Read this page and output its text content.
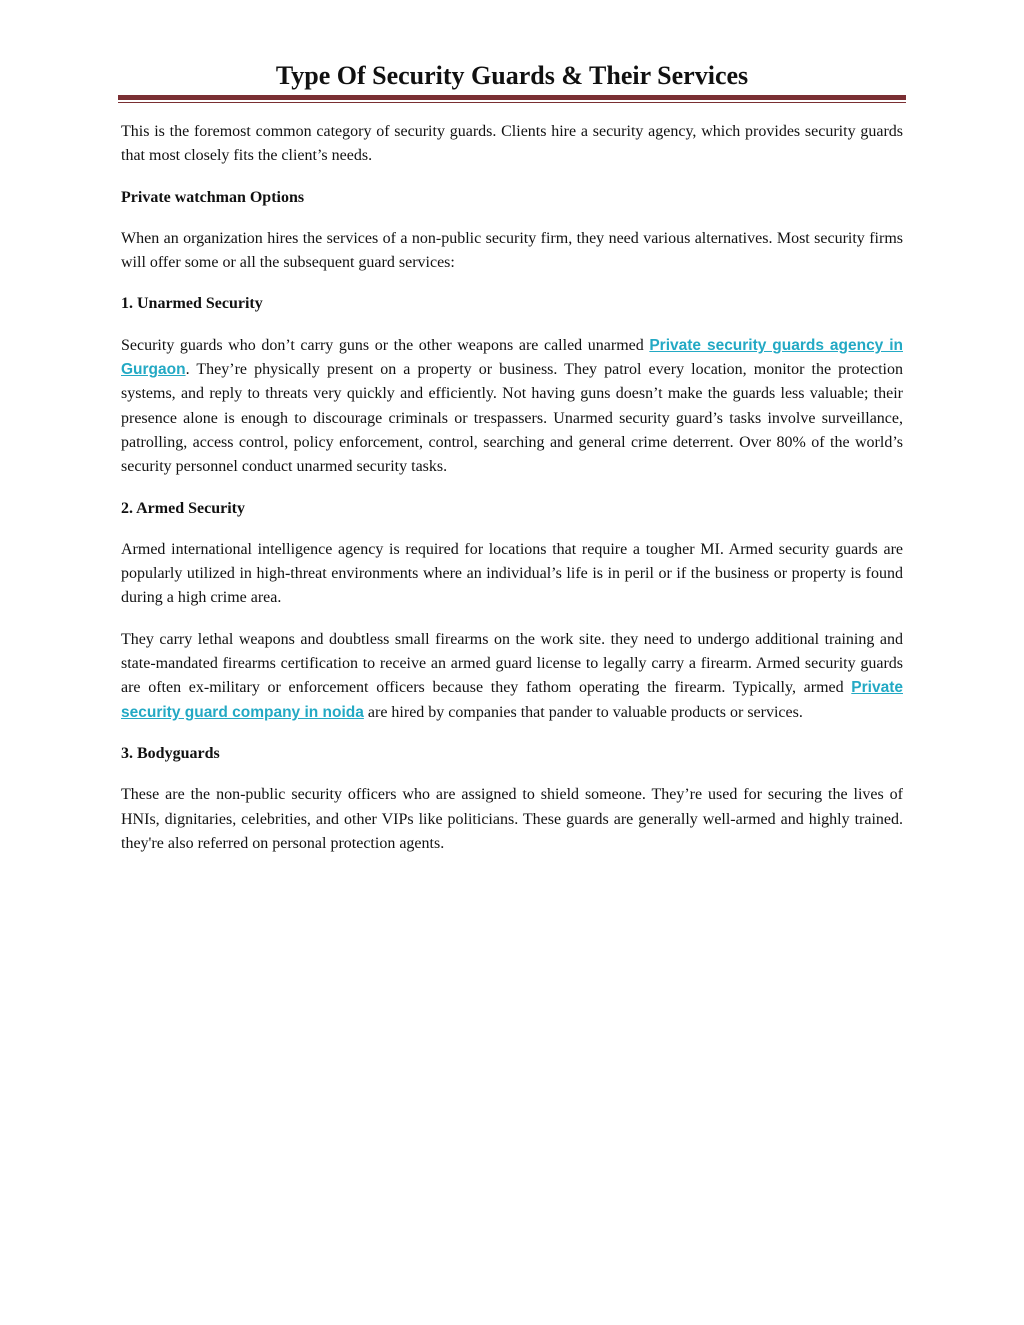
Type Of Security Guards & Their Services

This is the foremost common category of security guards. Clients hire a security agency, which provides security guards that most closely fits the client’s needs.

Private watchman Options

When an organization hires the services of a non-public security firm, they need various alternatives. Most security firms will offer some or all the subsequent guard services:

1. Unarmed Security

Security guards who don’t carry guns or the other weapons are called unarmed Private security guards agency in Gurgaon. They’re physically present on a property or business. They patrol every location, monitor the protection systems, and reply to threats very quickly and efficiently. Not having guns doesn’t make the guards less valuable; their presence alone is enough to discourage criminals or trespassers. Unarmed security guard’s tasks involve surveillance, patrolling, access control, policy enforcement, control, searching and general crime deterrent. Over 80% of the world’s security personnel conduct unarmed security tasks.

2. Armed Security

Armed international intelligence agency is required for locations that require a tougher MI. Armed security guards are popularly utilized in high-threat environments where an individual’s life is in peril or if the business or property is found during a high crime area.

They carry lethal weapons and doubtless small firearms on the work site. they need to undergo additional training and state-mandated firearms certification to receive an armed guard license to legally carry a firearm. Armed security guards are often ex-military or enforcement officers because they fathom operating the firearm. Typically, armed Private security guard company in noida are hired by companies that pander to valuable products or services.

3. Bodyguards

These are the non-public security officers who are assigned to shield someone. They’re used for securing the lives of HNIs, dignitaries, celebrities, and other VIPs like politicians. These guards are generally well-armed and highly trained. they're also referred on personal protection agents.
